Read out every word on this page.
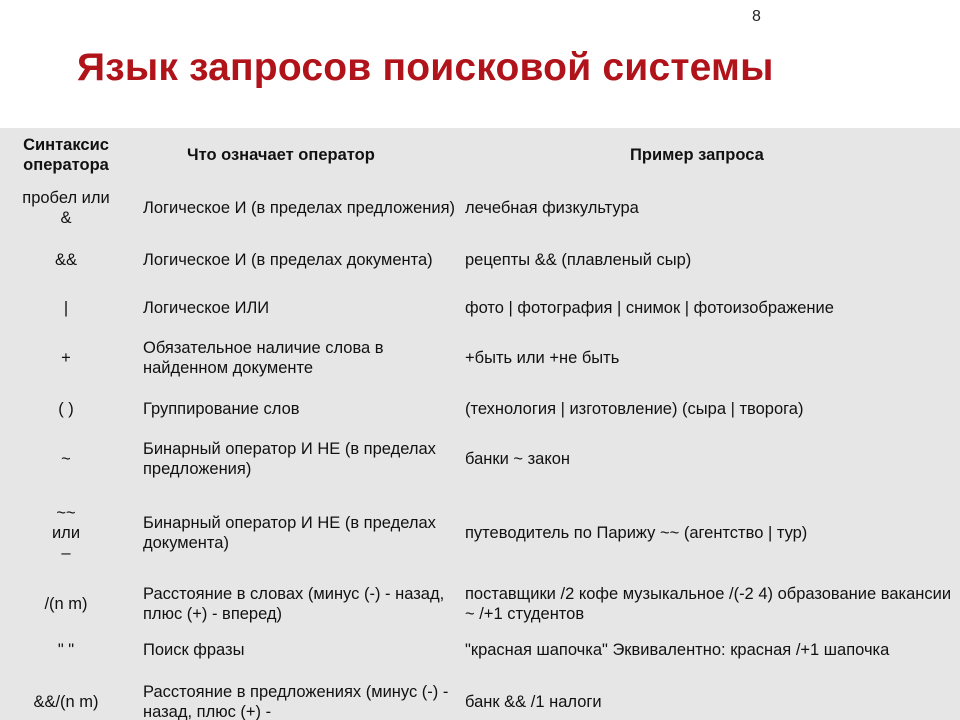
8
Язык запросов поисковой системы
Синтаксис
оператора	Что означает оператор	Пример запроса
пробел или
&	Логическое И (в пределах предложения)	лечебная физкультура
&&	Логическое И (в пределах документа)	рецепты && (плавленый сыр)
|	Логическое ИЛИ	фото | фотография | снимок | фотоизображение
+	Обязательное наличие слова в найденном документе	+быть или +не быть
( )	Группирование слов	(технология | изготовление) (сыра | творога)
~	Бинарный оператор И НЕ (в пределах предложения)	банки ~ закон
~~
или
–	Бинарный оператор И НЕ (в пределах документа)	путеводитель по Парижу ~~ (агентство | тур)
/(n m)	Расстояние в словах (минус (-) - назад, плюс (+) - вперед)	поставщики /2 кофе музыкальное /(-2 4) образование вакансии ~ /+1 студентов
" "	Поиск фразы	"красная шапочка" Эквивалентно: красная /+1 шапочка
&&/(n m)	Расстояние в предложениях (минус (-) - назад, плюс (+) -	банк && /1 налоги
